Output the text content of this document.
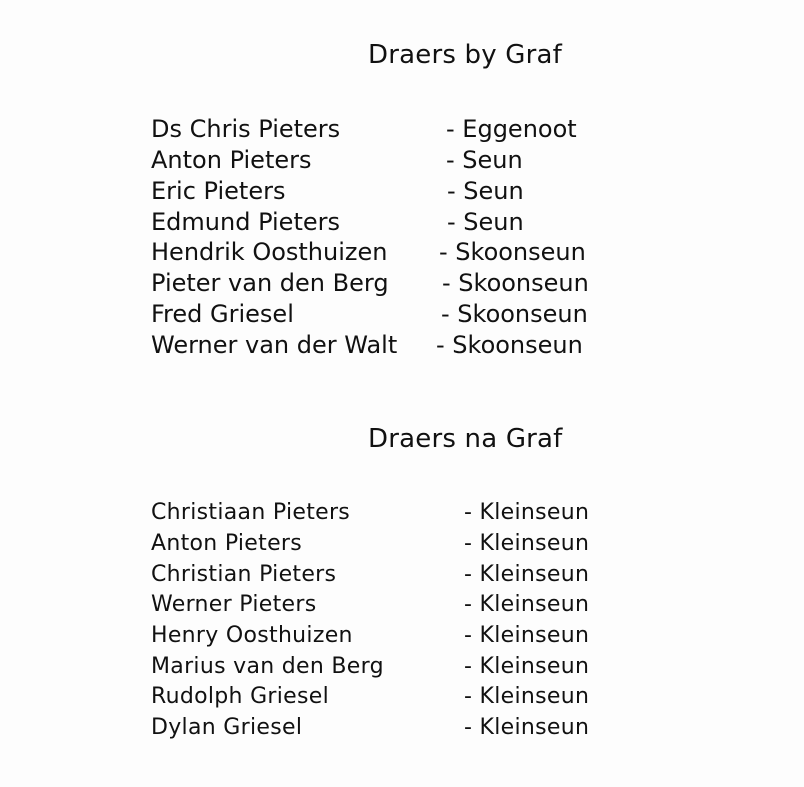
Draers by Graf
Ds Chris Pieters	- Eggenoot
Anton Pieters	- Seun
Eric Pieters	- Seun
Edmund Pieters	- Seun
Hendrik Oosthuizen - Skoonseun
Pieter van den Berg - Skoonseun
Fred Griesel	- Skoonseun
Werner van der Walt - Skoonseun
Draers na Graf
Christiaan Pieters	- Kleinseun
Anton Pieters	- Kleinseun
Christian Pieters	- Kleinseun
Werner Pieters	- Kleinseun
Henry Oosthuizen	- Kleinseun
Marius van den Berg	- Kleinseun
Rudolph Griesel	- Kleinseun
Dylan Griesel	- Kleinseun
